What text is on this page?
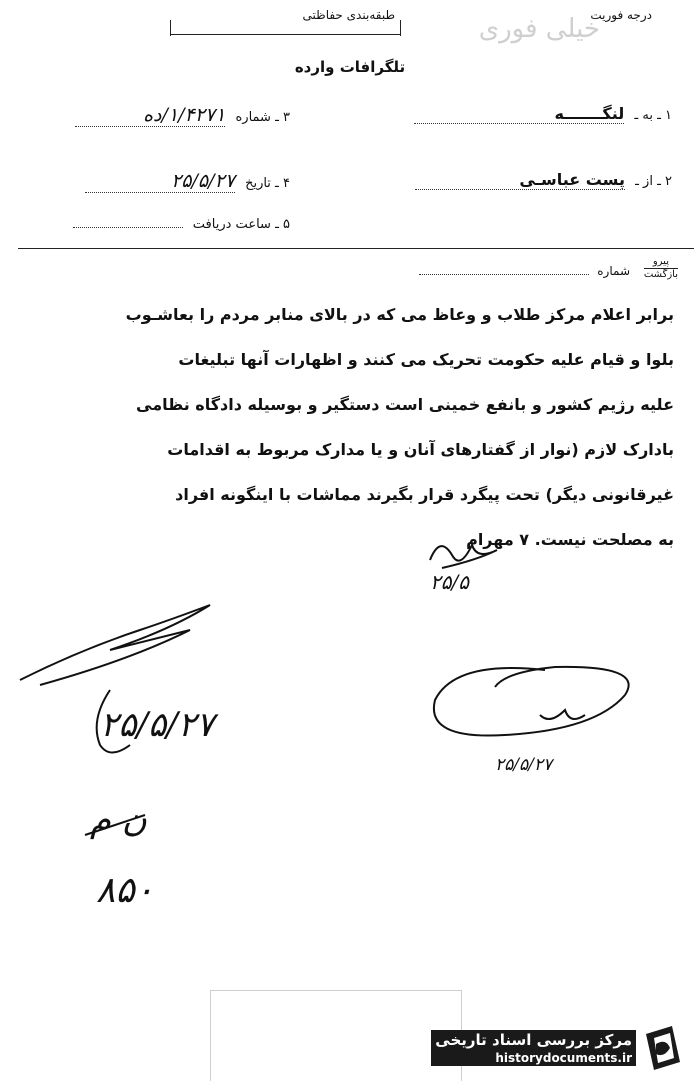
طبقه‌بندی حفاظتی	درجه فوریت
خیلی فوری
تلگرافات وارده
۱ ـ به ـ لنگـــــــه
۲ ـ از ـ پست عباسـی
۳ ـ شماره ۱/۴۲۷۱/ده
۴ ـ تاریخ ۲۵/۵/۲۷
۵ ـ ساعت دریافت
پیرو
بازگشت
شماره
برابر اعلام مرکز طلاب و وعاظ می که در بالای منابر مردم را بعاشـوب
بلوا و قیام علیه حکومت تحریک می کنند و اظهارات آنها تبلیغات
علیه رژیم کشور و بانفع خمینی است دستگیر و بوسیله دادگاه نظامی
بادارک لازم (نوار از گفتارهای آنان و یا مدارک مربوط به اقدامات
غیرقانونی دیگر) تحت پیگرد قرار بگیرند مماشات با اینگونه افراد
به مصلحت نیست. ۷ مهرام
۲۵/۵
۲۵/۵/۲۷
۲۵/۵/۲۷
ن م
۸۵۰
مرکز بررسی اسناد تاریخی
historydocuments.ir
